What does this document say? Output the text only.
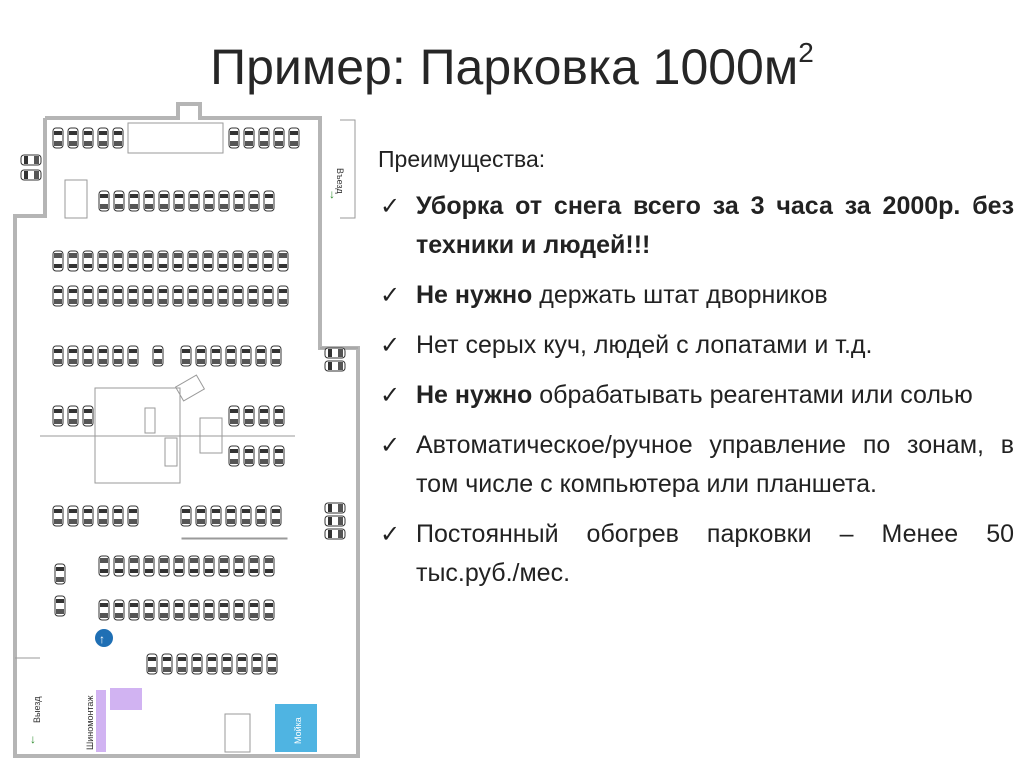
Пример: Парковка $1000м^2$
Мойка
Шиномонтаж
Въезд
↓
Выезд
↓
↑
Преимущества:
✓ Уборка от снега всего за 3 часа за 2000р. без техники и людей!!!
✓ Не нужно держать штат дворников
✓ Нет серых куч, людей с лопатами и т.д.
✓ Не нужно обрабатывать реагентами или солью
✓ Автоматическое/ручное управление по зонам, в том числе с компьютера или планшета.
✓ Постоянный обогрев парковки – Менее 50 тыс.руб./мес.
